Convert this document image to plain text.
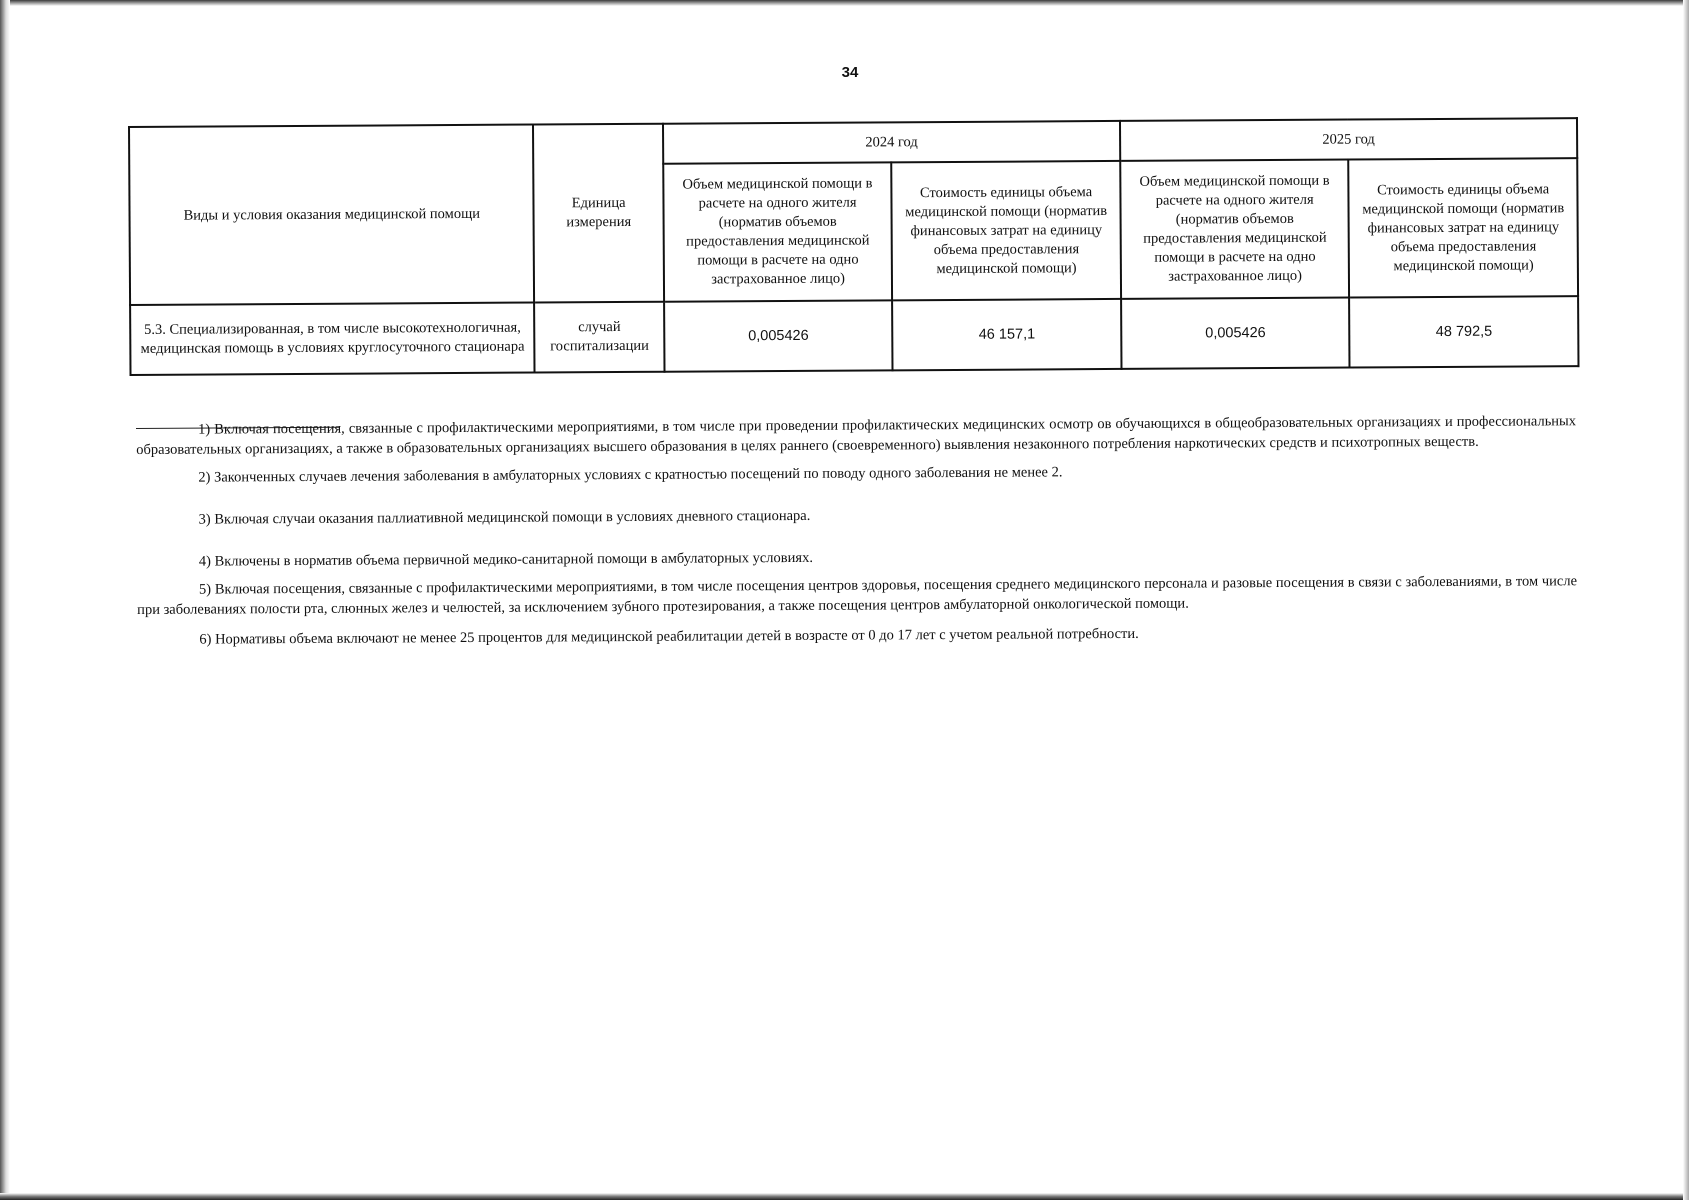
34
Виды и условия оказания медицинской помощи	Единица измерения	2024 год		2025 год	
		Объем медицинской помощи в расчете на одного жителя (норматив объемов предоставления медицинской помощи в расчете на одно застрахованное лицо)	Стоимость единицы объема медицинской помощи (норматив финансовых затрат на единицу объема предоставления медицинской помощи)	Объем медицинской помощи в расчете на одного жителя (норматив объемов предоставления медицинской помощи в расчете на одно застрахованное лицо)	Стоимость единицы объема медицинской помощи (норматив финансовых затрат на единицу объема предоставления медицинской помощи)
5.3. Специализированная, в том числе высокотехнологичная, медицинская помощь в условиях круглосуточного стационара	случай госпитализации	0,005426	46 157,1	0,005426	48 792,5

1) Включая посещения, связанные с профилактическими мероприятиями, в том числе при проведении профилактических медицинских осмотр ов обучающихся в общеобразовательных организациях и профессиональных образовательных организациях, а также в образовательных организациях высшего образования в целях раннего (своевременного) выявления незаконного потребления наркотических средств и психотропных веществ.

2) Законченных случаев лечения заболевания в амбулаторных условиях с кратностью посещений по поводу одного заболевания не менее 2.

3) Включая случаи оказания паллиативной медицинской помощи в условиях дневного стационара.

4) Включены в норматив объема первичной медико-санитарной помощи в амбулаторных условиях.

5) Включая посещения, связанные с профилактическими мероприятиями, в том числе посещения центров здоровья, посещения среднего медицинского персонала и разовые посещения в связи с заболеваниями, в том числе при заболеваниях полости рта, слюнных желез и челюстей, за исключением зубного протезирования, а также посещения центров амбулаторной онкологической помощи.

6) Нормативы объема включают не менее 25 процентов для медицинской реабилитации детей в возрасте от 0 до 17 лет с учетом реальной потребности.
